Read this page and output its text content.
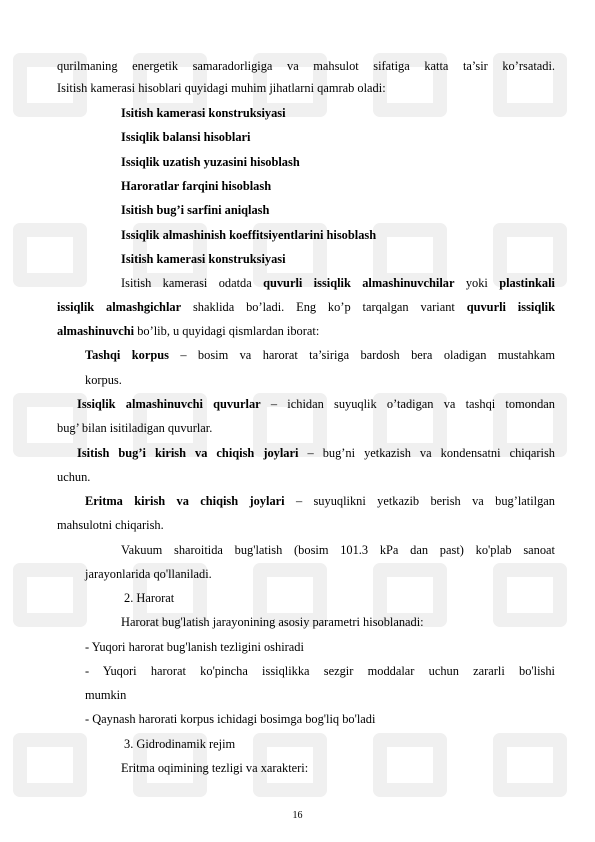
qurilmaning energetik samaradorligiga va mahsulot sifatiga katta ta’sir ko’rsatadi.

Isitish kamerasi hisoblari quyidagi muhim jihatlarni qamrab oladi:

Isitish kamerasi konstruksiyasi

Issiqlik balansi hisoblari

Issiqlik uzatish yuzasini hisoblash

Haroratlar farqini hisoblash

Isitish bug’i sarfini aniqlash

Issiqlik almashinish koeffitsiyentlarini hisoblash

Isitish kamerasi konstruksiyasi

Isitish kamerasi odatda quvurli issiqlik almashinuvchilar yoki plastinkali

issiqlik almashgichlar shaklida bo’ladi. Eng ko’p tarqalgan variant quvurli issiqlik

almashinuvchi bo’lib, u quyidagi qismlardan iborat:

Tashqi korpus – bosim va harorat ta’siriga bardosh bera oladigan mustahkam

korpus.

Issiqlik almashinuvchi quvurlar – ichidan suyuqlik o’tadigan va tashqi tomondan

bug’ bilan isitiladigan quvurlar.

Isitish bug’i kirish va chiqish joylari – bug’ni yetkazish va kondensatni chiqarish

uchun.

Eritma kirish va chiqish joylari – suyuqlikni yetkazib berish va bug’latilgan

mahsulotni chiqarish.

Vakuum sharoitida bug'latish (bosim 101.3 kPa dan past) ko'plab sanoat

jarayonlarida qo'llaniladi.

2. Harorat

Harorat bug'latish jarayonining asosiy parametri hisoblanadi:

- Yuqori harorat bug'lanish tezligini oshiradi

- Yuqori harorat ko'pincha issiqlikka sezgir moddalar uchun zararli bo'lishi

mumkin

- Qaynash harorati korpus ichidagi bosimga bog'liq bo'ladi

3. Gidrodinamik rejim

Eritma oqimining tezligi va xarakteri:

16
